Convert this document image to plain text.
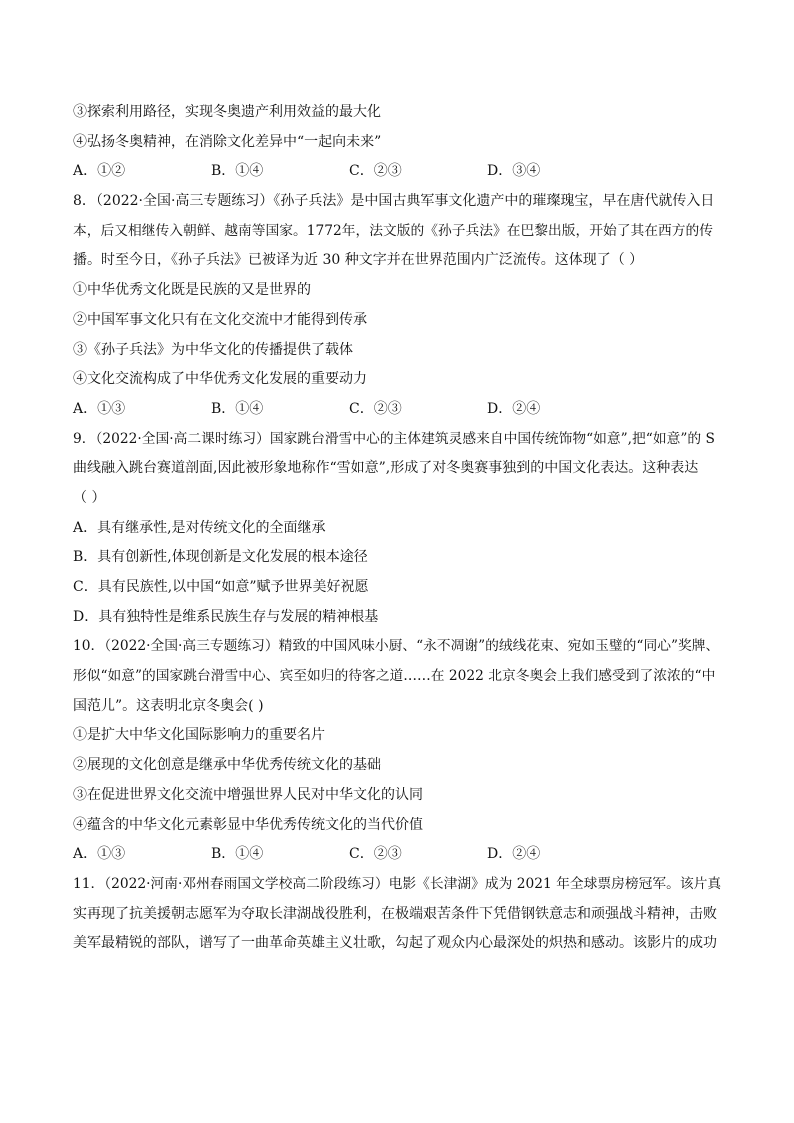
③探索利用路径，实现冬奥遗产利用效益的最大化
④弘扬冬奥精神，在消除文化差异中“一起向未来”
A．①②	B．①④	C．②③	D．③④
8．（2022·全国·高三专题练习）《孙子兵法》是中国古典军事文化遗产中的璀璨瑰宝，早在唐代就传入日
本，后又相继传入朝鲜、越南等国家。1772年，法文版的《孙子兵法》在巴黎出版，开始了其在西方的传
播。时至今日，《孙子兵法》已被译为近 30 种文字并在世界范围内广泛流传。这体现了（ ）
①中华优秀文化既是民族的又是世界的
②中国军事文化只有在文化交流中才能得到传承
③《孙子兵法》为中华文化的传播提供了载体
④文化交流构成了中华优秀文化发展的重要动力
A．①③	B．①④	C．②③	D．②④
9．（2022·全国·高二课时练习）国家跳台滑雪中心的主体建筑灵感来自中国传统饰物“如意”,把“如意”的 S
曲线融入跳台赛道剖面,因此被形象地称作“雪如意”,形成了对冬奥赛事独到的中国文化表达。这种表达
（ ）
A．具有继承性,是对传统文化的全面继承
B．具有创新性,体现创新是文化发展的根本途径
C．具有民族性,以中国“如意”赋予世界美好祝愿
D．具有独特性是维系民族生存与发展的精神根基
10．（2022·全国·高三专题练习）精致的中国风味小厨、“永不凋谢”的绒线花束、宛如玉璧的“同心”奖牌、
形似“如意”的国家跳台滑雪中心、宾至如归的待客之道……在 2022 北京冬奥会上我们感受到了浓浓的“中
国范儿”。这表明北京冬奥会( )
①是扩大中华文化国际影响力的重要名片
②展现的文化创意是继承中华优秀传统文化的基础
③在促进世界文化交流中增强世界人民对中华文化的认同
④蕴含的中华文化元素彰显中华优秀传统文化的当代价值
A．①③	B．①④	C．②③	D．②④
11．（2022·河南·邓州春雨国文学校高二阶段练习）电影《长津湖》成为 2021 年全球票房榜冠军。该片真
实再现了抗美援朝志愿军为夺取长津湖战役胜利，在极端艰苦条件下凭借钢铁意志和顽强战斗精神，击败
美军最精锐的部队，谱写了一曲革命英雄主义壮歌，勾起了观众内心最深处的炽热和感动。该影片的成功
